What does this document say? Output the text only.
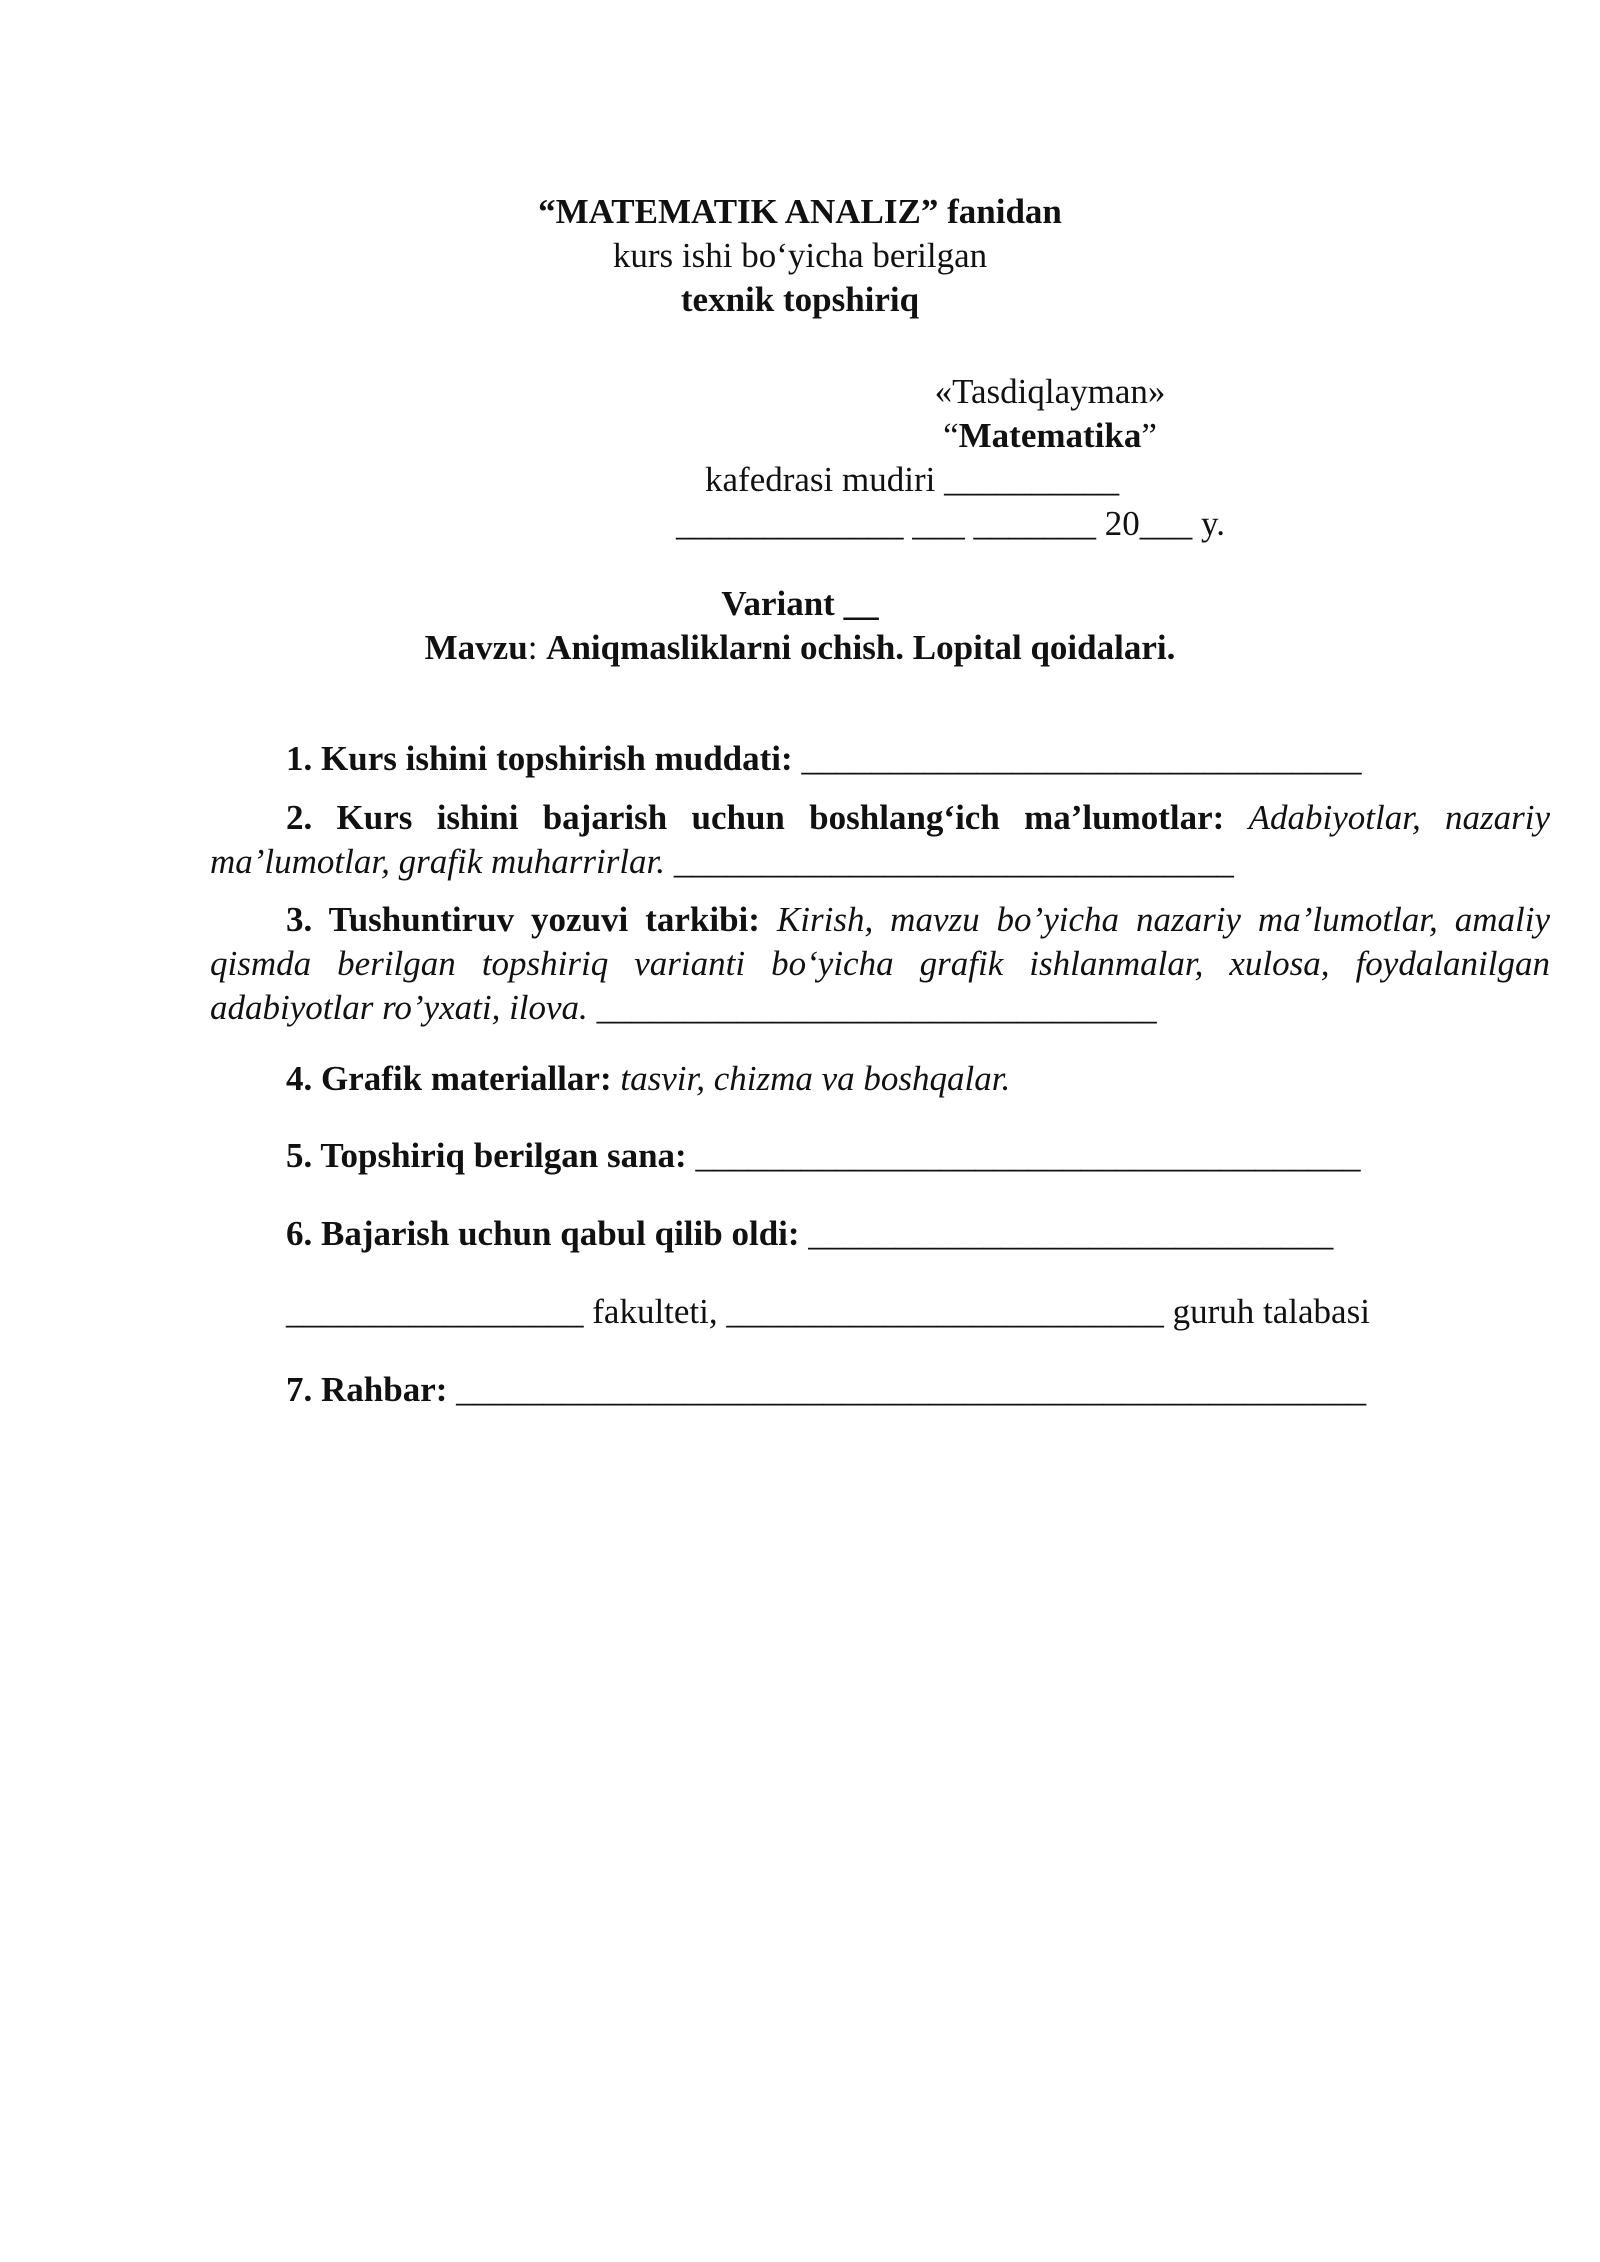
“MATEMATIK ANALIZ” fanidan
kurs ishi bo‘yicha berilgan
texnik topshiriq
«Tasdiqlayman»
“Matematika”
kafedrasi mudiri __________
_____________ ___ _______ 20___ y.
Variant __
Mavzu: Aniqmasliklarni ochish. Lopital qoidalari.
1. Kurs ishini topshirish muddati: ________________________________
2. Kurs ishini bajarish uchun boshlang‘ich ma’lumotlar: Adabiyotlar, nazariy ma’lumotlar, grafik muharrirlar. ________________________________
3. Tushuntiruv yozuvi tarkibi: Kirish, mavzu bo’yicha nazariy ma’lumotlar, amaliy qismda berilgan topshiriq varianti bo‘yicha grafik ishlanmalar, xulosa, foydalanilgan adabiyotlar ro’yxati, ilova. ________________________________
4. Grafik materiallar: tasvir, chizma va boshqalar.
5. Topshiriq berilgan sana: ______________________________________
6. Bajarish uchun qabul qilib oldi: ______________________________
_________________ fakulteti, _________________________ guruh talabasi
7. Rahbar: ____________________________________________________
